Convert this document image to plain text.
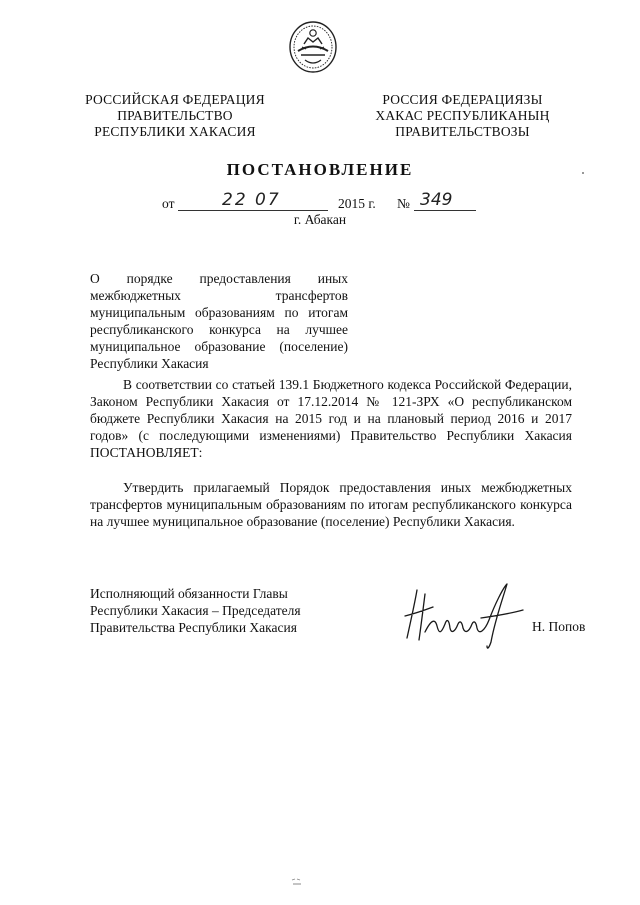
РОССИЙСКАЯ ФЕДЕРАЦИЯ
ПРАВИТЕЛЬСТВО
РЕСПУБЛИКИ ХАКАСИЯ
РОССИЯ ФЕДЕРАЦИЯЗЫ
ХАКАС РЕСПУБЛИКАНЫҢ
ПРАВИТЕЛЬСТВОЗЫ
ПОСТАНОВЛЕНИЕ
от	22 07	2015 г. № 349
г. Абакан
О порядке предоставления иных межбюджетных трансфертов муниципальным образованиям по итогам республиканского конкурса на лучшее муниципальное образование (поселение) Республики Хакасия
В соответствии со статьей 139.1 Бюджетного кодекса Российской Федерации, Законом Республики Хакасия от 17.12.2014 № 121-ЗРХ «О республиканском бюджете Республики Хакасия на 2015 год и на плановый период 2016 и 2017 годов» (с последующими изменениями) Правительство Республики Хакасия ПОСТАНОВЛЯЕТ:
Утвердить прилагаемый Порядок предоставления иных межбюджетных трансфертов муниципальным образованиям по итогам республиканского конкурса на лучшее муниципальное образование (поселение) Республики Хакасия.
Исполняющий обязанности Главы
Республики Хакасия – Председателя
Правительства Республики Хакасия	Н. Попов
